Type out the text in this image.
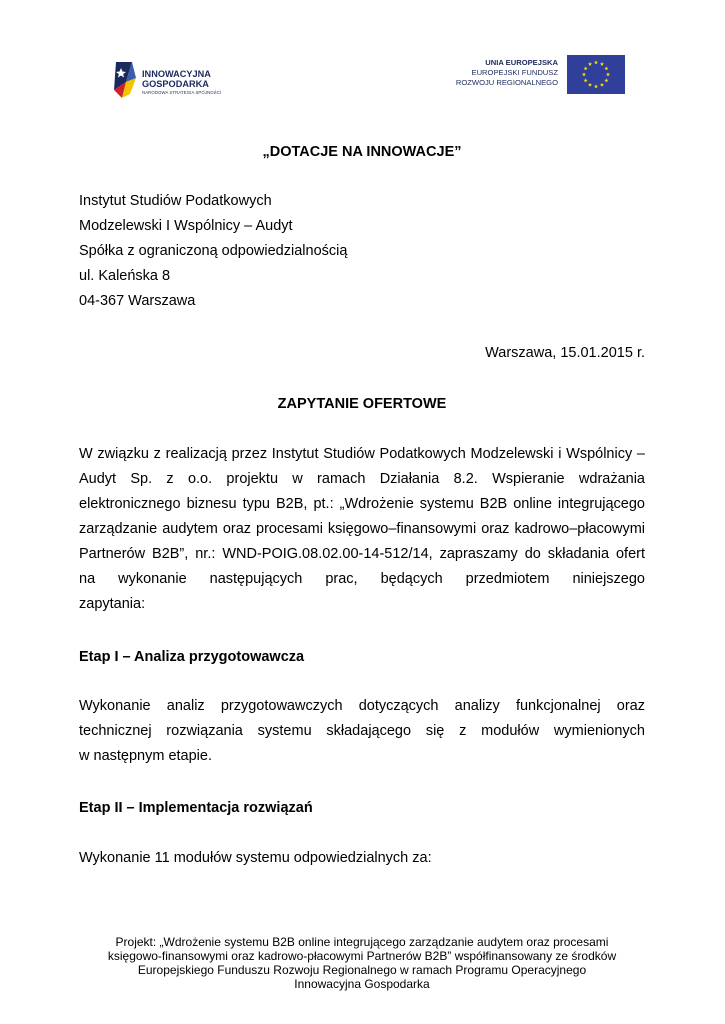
INNOWACYJNA
GOSPODARKA
NARODOWA STRATEGIA SPÓJNOŚCI
UNIA EUROPEJSKA
EUROPEJSKI FUNDUSZ
ROZWOJU REGIONALNEGO
„DOTACJE NA INNOWACJE”
Instytut Studiów Podatkowych
Modzelewski I Wspólnicy – Audyt
Spółka z ograniczoną odpowiedzialnością
ul. Kaleńska 8
04-367 Warszawa
Warszawa, 15.01.2015 r.
ZAPYTANIE OFERTOWE
W związku z realizacją przez Instytut Studiów Podatkowych Modzelewski i Wspólnicy –
Audyt Sp. z o.o. projektu w ramach Działania 8.2. Wspieranie wdrażania
elektronicznego biznesu typu B2B, pt.: „Wdrożenie systemu B2B online integrującego
zarządzanie audytem oraz procesami księgowo–finansowymi oraz kadrowo–płacowymi
Partnerów B2B”, nr.: WND-POIG.08.02.00-14-512/14, zapraszamy do składania ofert
na wykonanie następujących prac, będących przedmiotem niniejszego
zapytania:
Etap I – Analiza przygotowawcza
Wykonanie analiz przygotowawczych dotyczących analizy funkcjonalnej oraz
technicznej rozwiązania systemu składającego się z modułów wymienionych
w następnym etapie.
Etap II – Implementacja rozwiązań
Wykonanie 11 modułów systemu odpowiedzialnych za:
Projekt: „Wdrożenie systemu B2B online integrującego zarządzanie audytem oraz procesami
księgowo-finansowymi oraz kadrowo-płacowymi Partnerów B2B” współfinansowany ze środków
Europejskiego Funduszu Rozwoju Regionalnego w ramach Programu Operacyjnego
Innowacyjna Gospodarka
